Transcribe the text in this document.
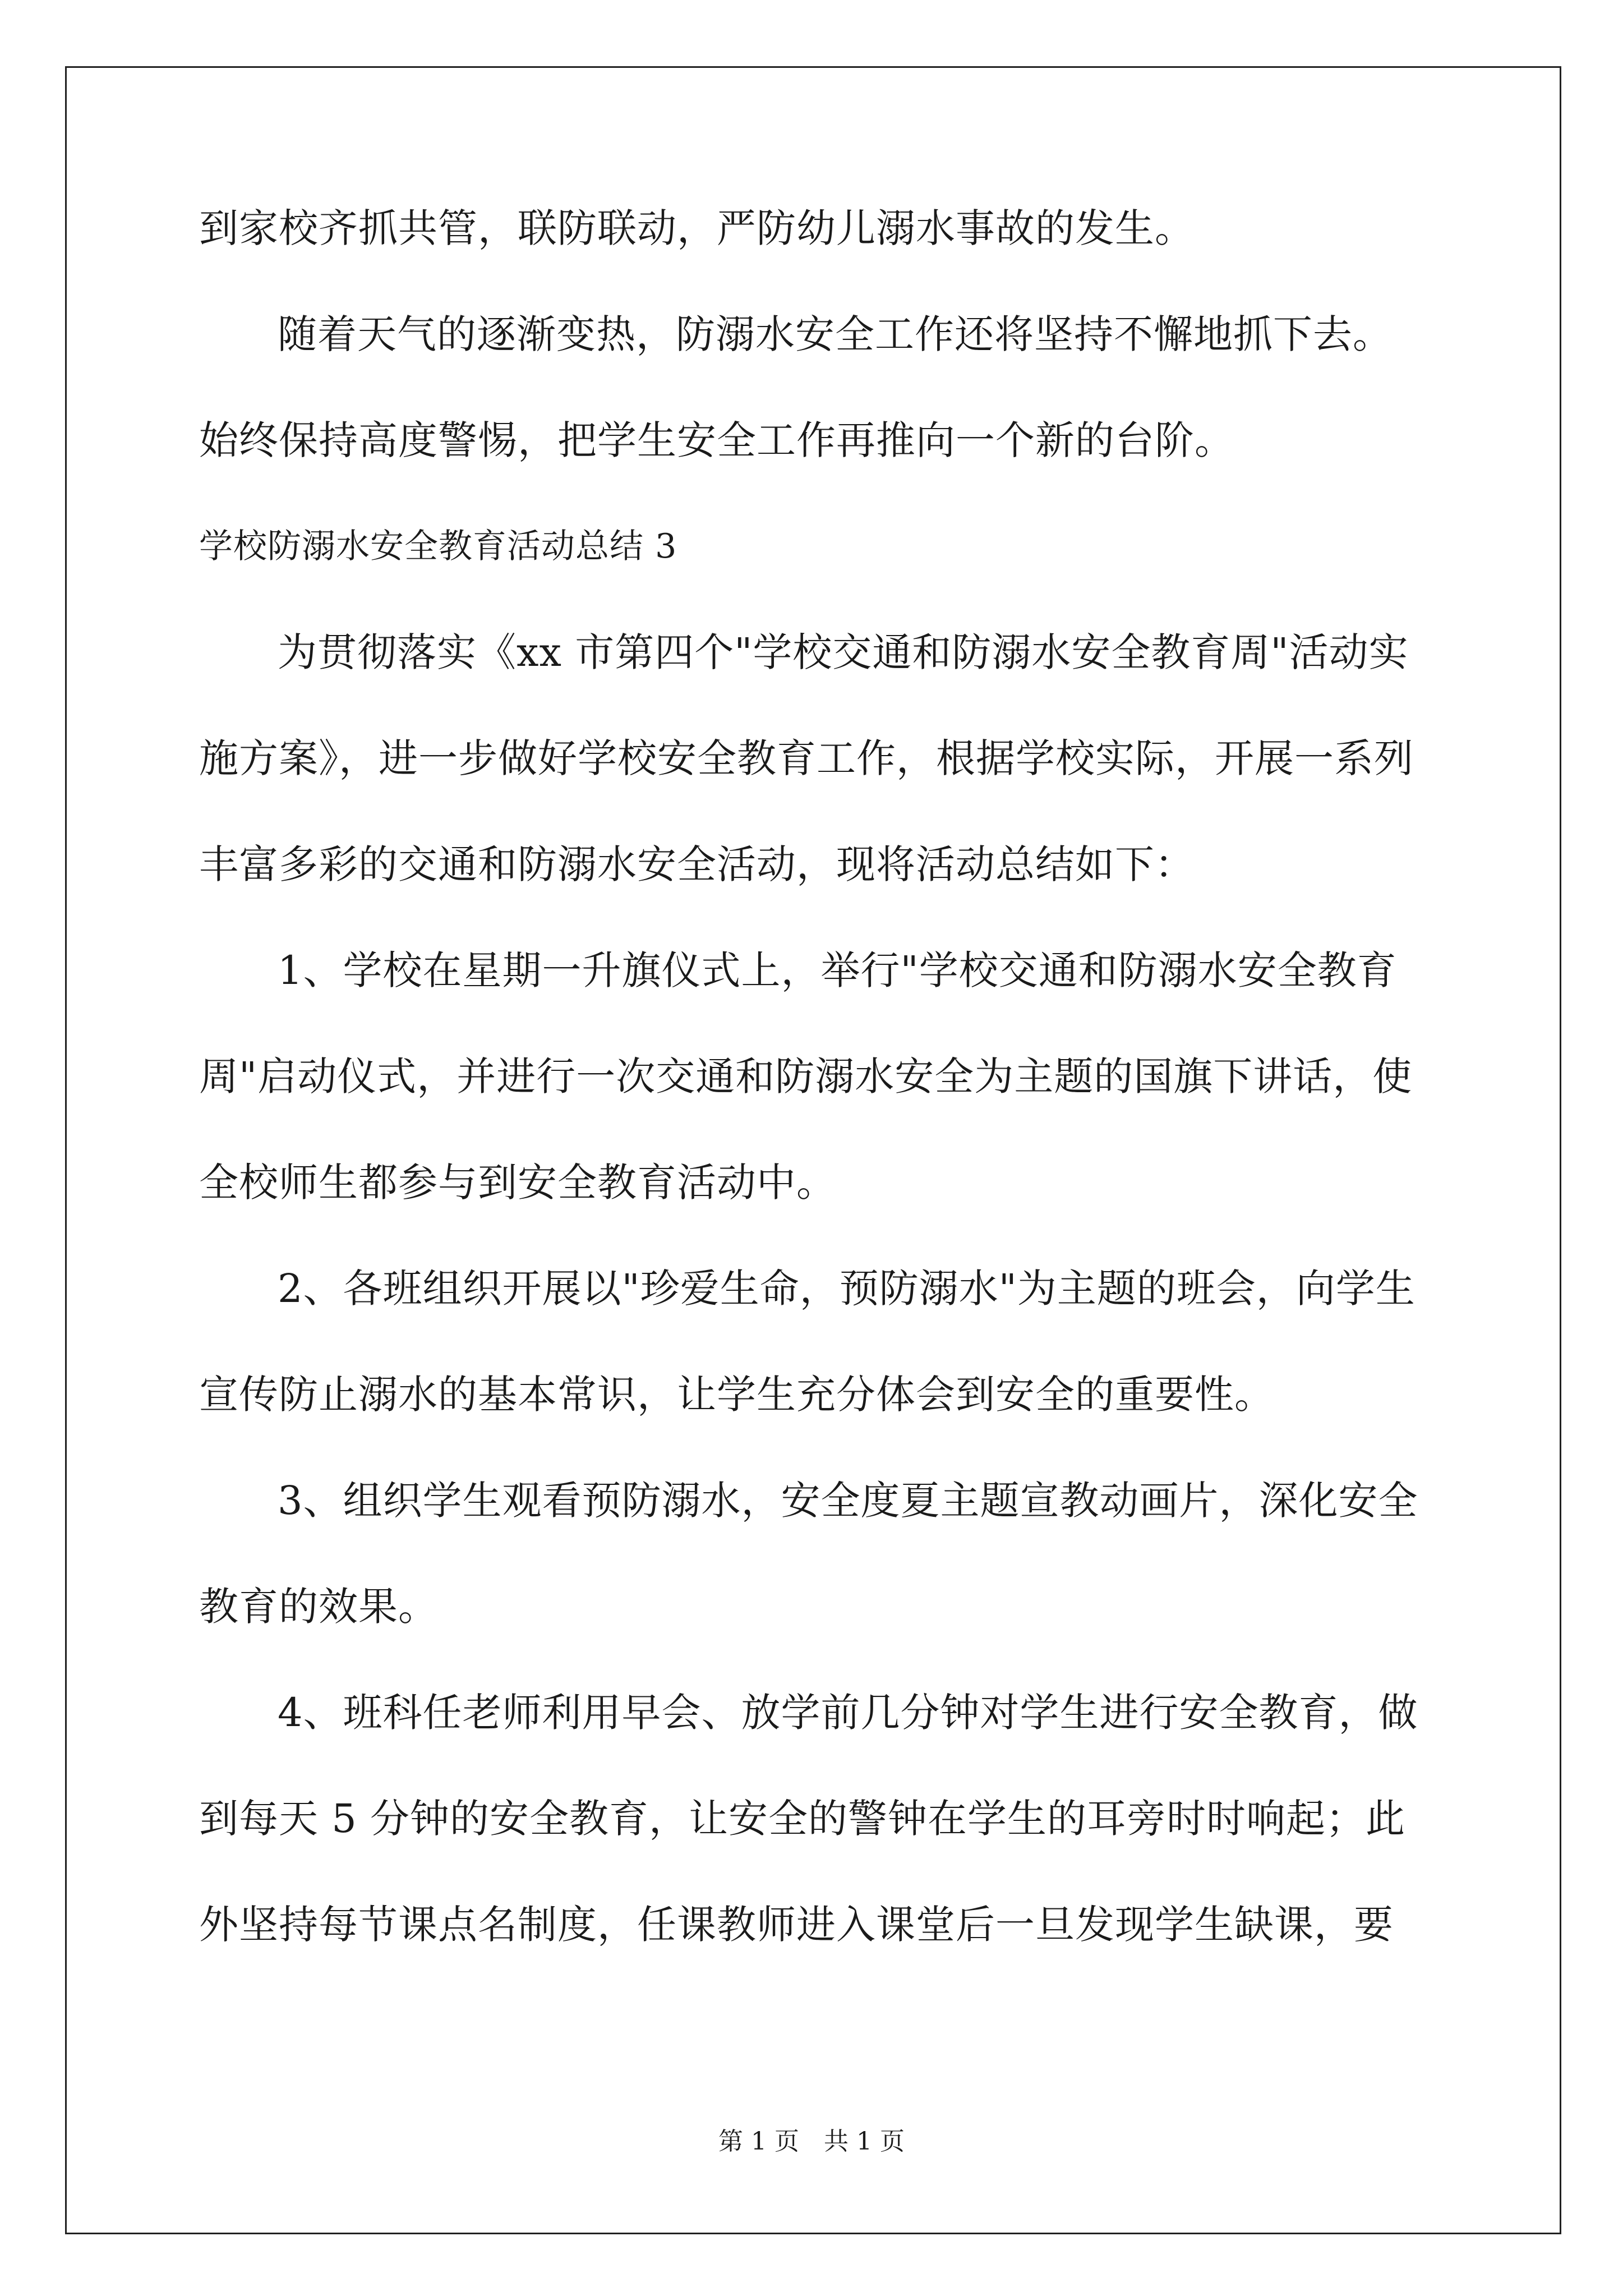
到家校齐抓共管，联防联动，严防幼儿溺水事故的发生。
随着天气的逐渐变热，防溺水安全工作还将坚持不懈地抓下去。
始终保持高度警惕，把学生安全工作再推向一个新的台阶。
学校防溺水安全教育活动总结 3
为贯彻落实《xx 市第四个"学校交通和防溺水安全教育周"活动实
施方案》，进一步做好学校安全教育工作，根据学校实际，开展一系列
丰富多彩的交通和防溺水安全活动，现将活动总结如下：
1、学校在星期一升旗仪式上，举行"学校交通和防溺水安全教育
周"启动仪式，并进行一次交通和防溺水安全为主题的国旗下讲话，使
全校师生都参与到安全教育活动中。
2、各班组织开展以"珍爱生命，预防溺水"为主题的班会，向学生
宣传防止溺水的基本常识，让学生充分体会到安全的重要性。
3、组织学生观看预防溺水，安全度夏主题宣教动画片，深化安全
教育的效果。
4、班科任老师利用早会、放学前几分钟对学生进行安全教育，做
到每天 5 分钟的安全教育，让安全的警钟在学生的耳旁时时响起；此
外坚持每节课点名制度，任课教师进入课堂后一旦发现学生缺课，要
第 1 页　共 1 页
